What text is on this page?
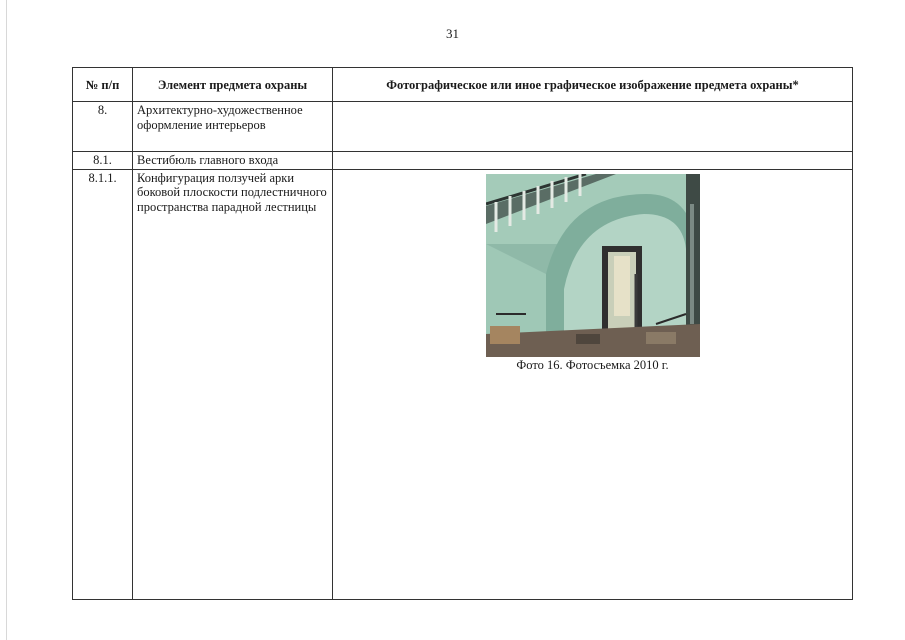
31
№ п/п	Элемент предмета охраны	Фотографическое или иное графическое изображение предмета охраны*
8.	Архитектурно-художественное оформление интерьеров	
8.1.	Вестибюль главного входа	
8.1.1.	Конфигурация ползучей арки боковой плоскости подлестничного пространства парадной лестницы	Фото 16. Фотосъемка 2010 г.
